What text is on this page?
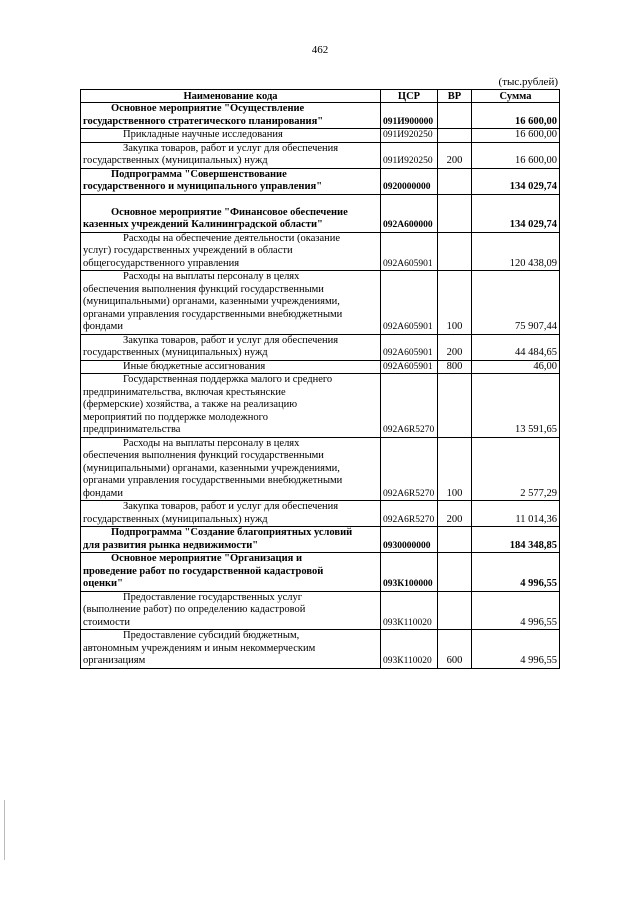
462
(тыс.рублей)
Наименование кода	ЦСР	ВР	Сумма

Основное мероприятие "Осуществление
государственного стратегического планирования"	091И900000		16 600,00

Прикладные научные исследования	091И920250		16 600,00

Закупка товаров, работ и услуг для обеспечения
государственных (муниципальных) нужд	091И920250	200	16 600,00

Подпрограмма "Совершенствование
государственного и муниципального управления"	0920000000		134 029,74

Основное мероприятие "Финансовое обеспечение
казенных учреждений Калининградской области"	092А600000		134 029,74

Расходы на обеспечение деятельности (оказание
услуг) государственных учреждений в области
общегосударственного управления	092А605901		120 438,09

Расходы на выплаты персоналу в целях
обеспечения выполнения функций государственными
(муниципальными) органами, казенными учреждениями,
органами управления государственными внебюджетными
фондами	092А605901	100	75 907,44

Закупка товаров, работ и услуг для обеспечения
государственных (муниципальных) нужд	092А605901	200	44 484,65

Иные бюджетные ассигнования	092А605901	800	46,00

Государственная поддержка малого и среднего
предпринимательства, включая крестьянские
(фермерские) хозяйства, а также на реализацию
мероприятий по поддержке молодежного
предпринимательства	092А6R5270		13 591,65

Расходы на выплаты персоналу в целях
обеспечения выполнения функций государственными
(муниципальными) органами, казенными учреждениями,
органами управления государственными внебюджетными
фондами	092А6R5270	100	2 577,29

Закупка товаров, работ и услуг для обеспечения
государственных (муниципальных) нужд	092А6R5270	200	11 014,36

Подпрограмма "Создание благоприятных условий
для развития рынка недвижимости"	0930000000		184 348,85

Основное мероприятие "Организация и
проведение работ по государственной кадастровой
оценки"	093К100000		4 996,55

Предоставление государственных услуг
(выполнение работ) по определению кадастровой
стоимости	093К110020		4 996,55

Предоставление субсидий бюджетным,
автономным учреждениям и иным некоммерческим
организациям	093К110020	600	4 996,55
